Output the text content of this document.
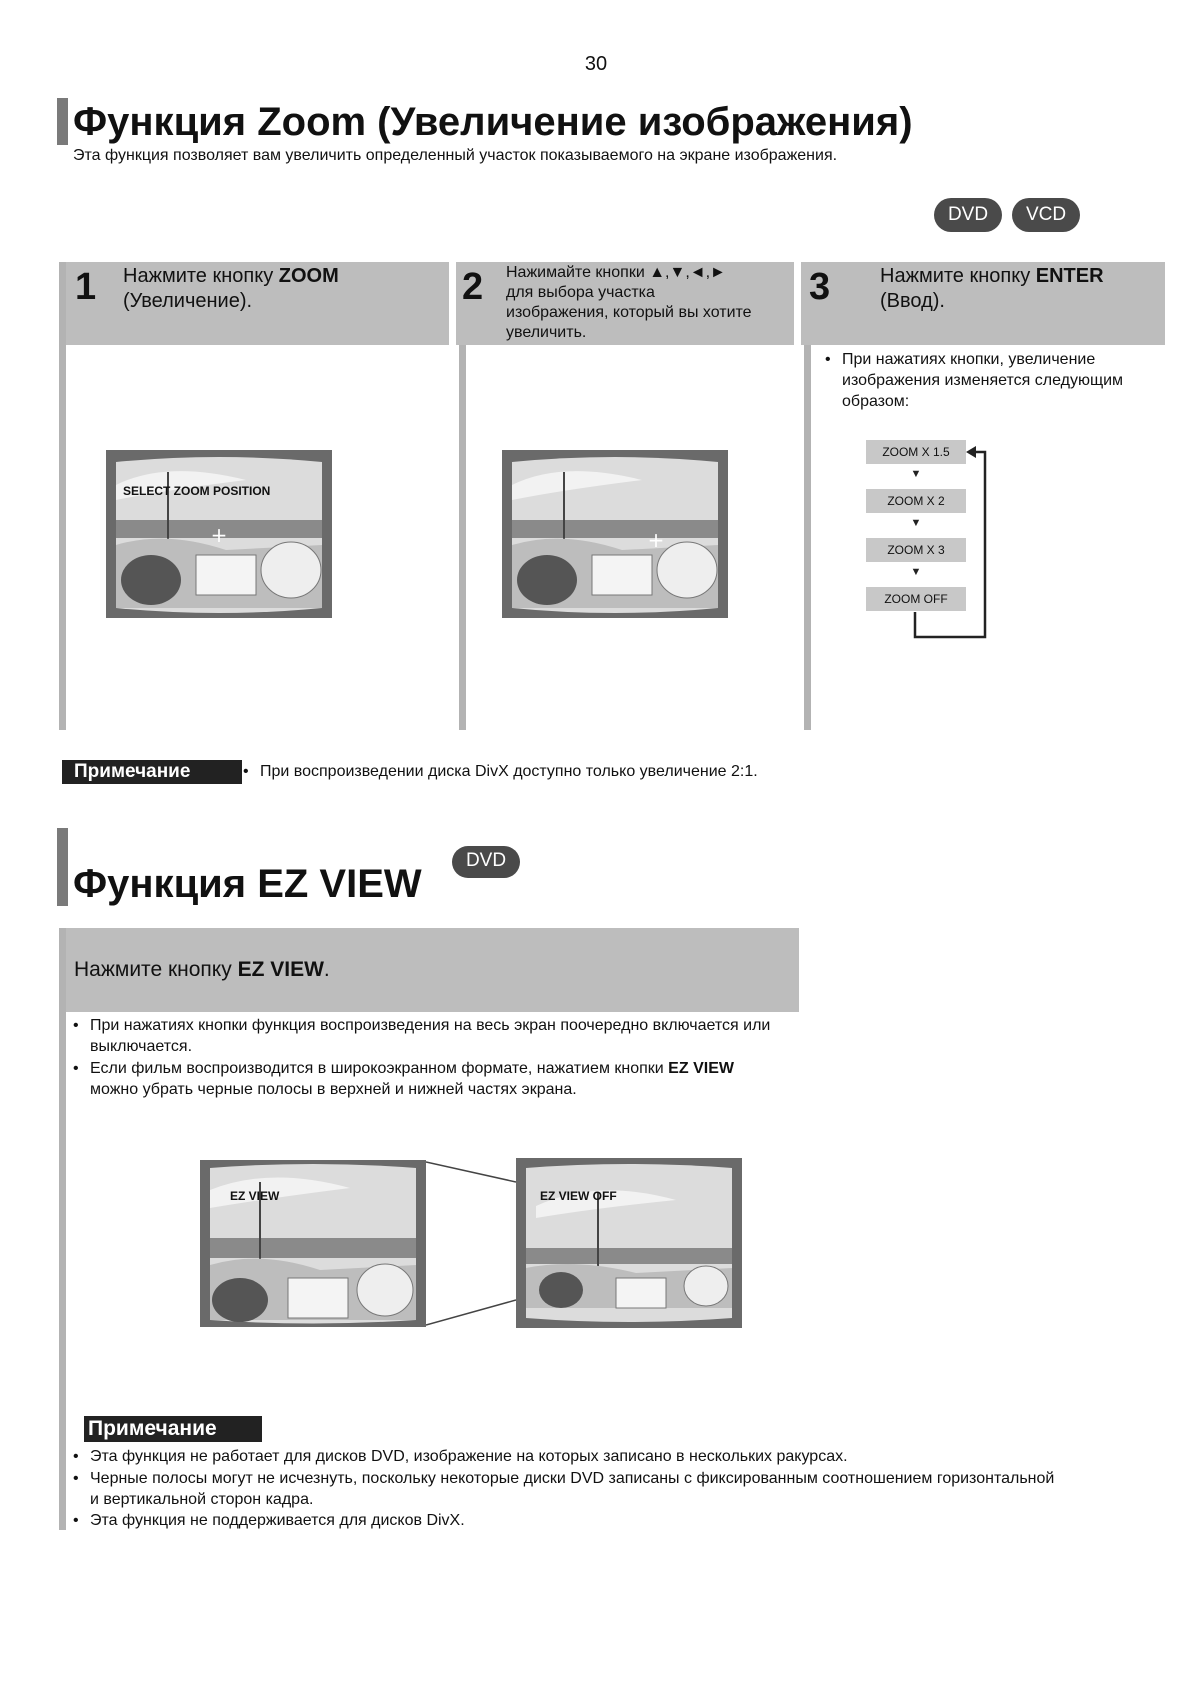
30
Функция Zoom (Увеличение изображения)
Эта функция позволяет вам увеличить определенный участок показываемого на экране изображения.
DVD	VCD
1 Нажмите кнопку ZOOM
(Увеличение).	2 Нажимайте кнопки ▲,▼,◄,►
для выбора участка
изображения, который вы хотите
увеличить.
3 Нажмите кнопку ENTER
(Ввод).
+
SELECT ZOOM POSITION
+
• При нажатиях кнопки, увеличение изображения изменяется следующим образом:
ZOOM X 1.5
▼
ZOOM X 2
▼
ZOOM X 3
▼
ZOOM OFF
Примечание	• При воспроизведении диска DivX доступно только увеличение 2:1.
Функция EZ VIEW
DVD
Нажмите кнопку EZ VIEW.
• При нажатиях кнопки функция воспроизведения на весь экран поочередно включается или выключается.
• Если фильм воспроизводится в широкоэкранном формате, нажатием кнопки EZ VIEW можно убрать черные полосы в верхней и нижней частях экрана.
EZ VIEW	EZ VIEW OFF
Примечание
• Эта функция не работает для дисков DVD, изображение на которых записано в нескольких ракурсах.
• Черные полосы могут не исчезнуть, поскольку некоторые диски DVD записаны с фиксированным соотношением горизонтальной и вертикальной сторон кадра.
• Эта функция не поддерживается для дисков DivX.
